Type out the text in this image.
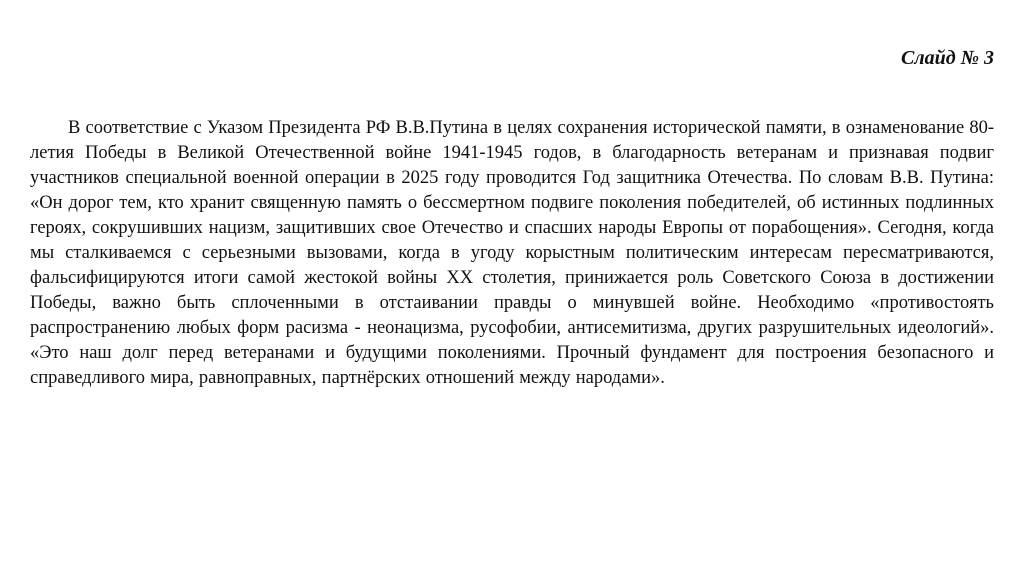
Слайд № 3

В соответствие с Указом Президента РФ В.В.Путина в целях сохранения исторической памяти, в ознаменование 80-летия Победы в Великой Отечественной войне 1941-1945 годов, в благодарность ветеранам и признавая подвиг участников специальной военной операции в 2025 году проводится Год защитника Отечества. По словам В.В. Путина: «Он дорог тем, кто хранит священную память о бессмертном подвиге поколения победителей, об истинных подлинных героях, сокрушивших нацизм, защитивших свое Отечество и спасших народы Европы от порабощения». Сегодня, когда мы сталкиваемся с серьезными вызовами, когда в угоду корыстным политическим интересам пересматриваются, фальсифицируются итоги самой жестокой войны XX столетия, принижается роль Советского Союза в достижении Победы, важно быть сплоченными в отстаивании правды о минувшей войне. Необходимо «противостоять распространению любых форм расизма - неонацизма, русофобии, антисемитизма, других разрушительных идеологий». «Это наш долг перед ветеранами и будущими поколениями. Прочный фундамент для построения безопасного и справедливого мира, равноправных, партнёрских отношений между народами».
